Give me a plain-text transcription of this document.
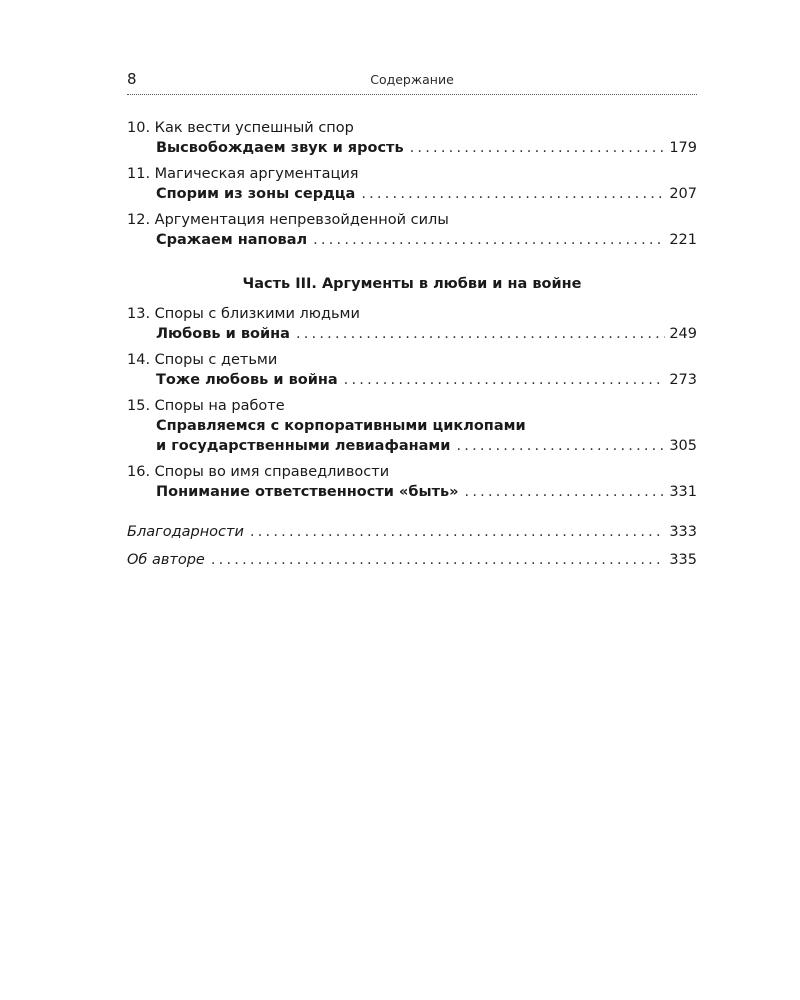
8	Содержание
10. Как вести успешный спор
Высвобождаем звук и ярость .....	179
11. Магическая аргументация
Спорим из зоны сердца .....	207
12. Аргументация непревзойденной силы
Сражаем наповал .....	221
Часть III. Аргументы в любви и на войне
13. Споры с близкими людьми
Любовь и война .....	249
14. Споры с детьми
Тоже любовь и война .....	273
15. Споры на работе
Справляемся с корпоративными циклопами
и государственными левиафанами .....	305
16. Споры во имя справедливости
Понимание ответственности «быть» .....	331
Благодарности .....	333
Об авторе .....	335
